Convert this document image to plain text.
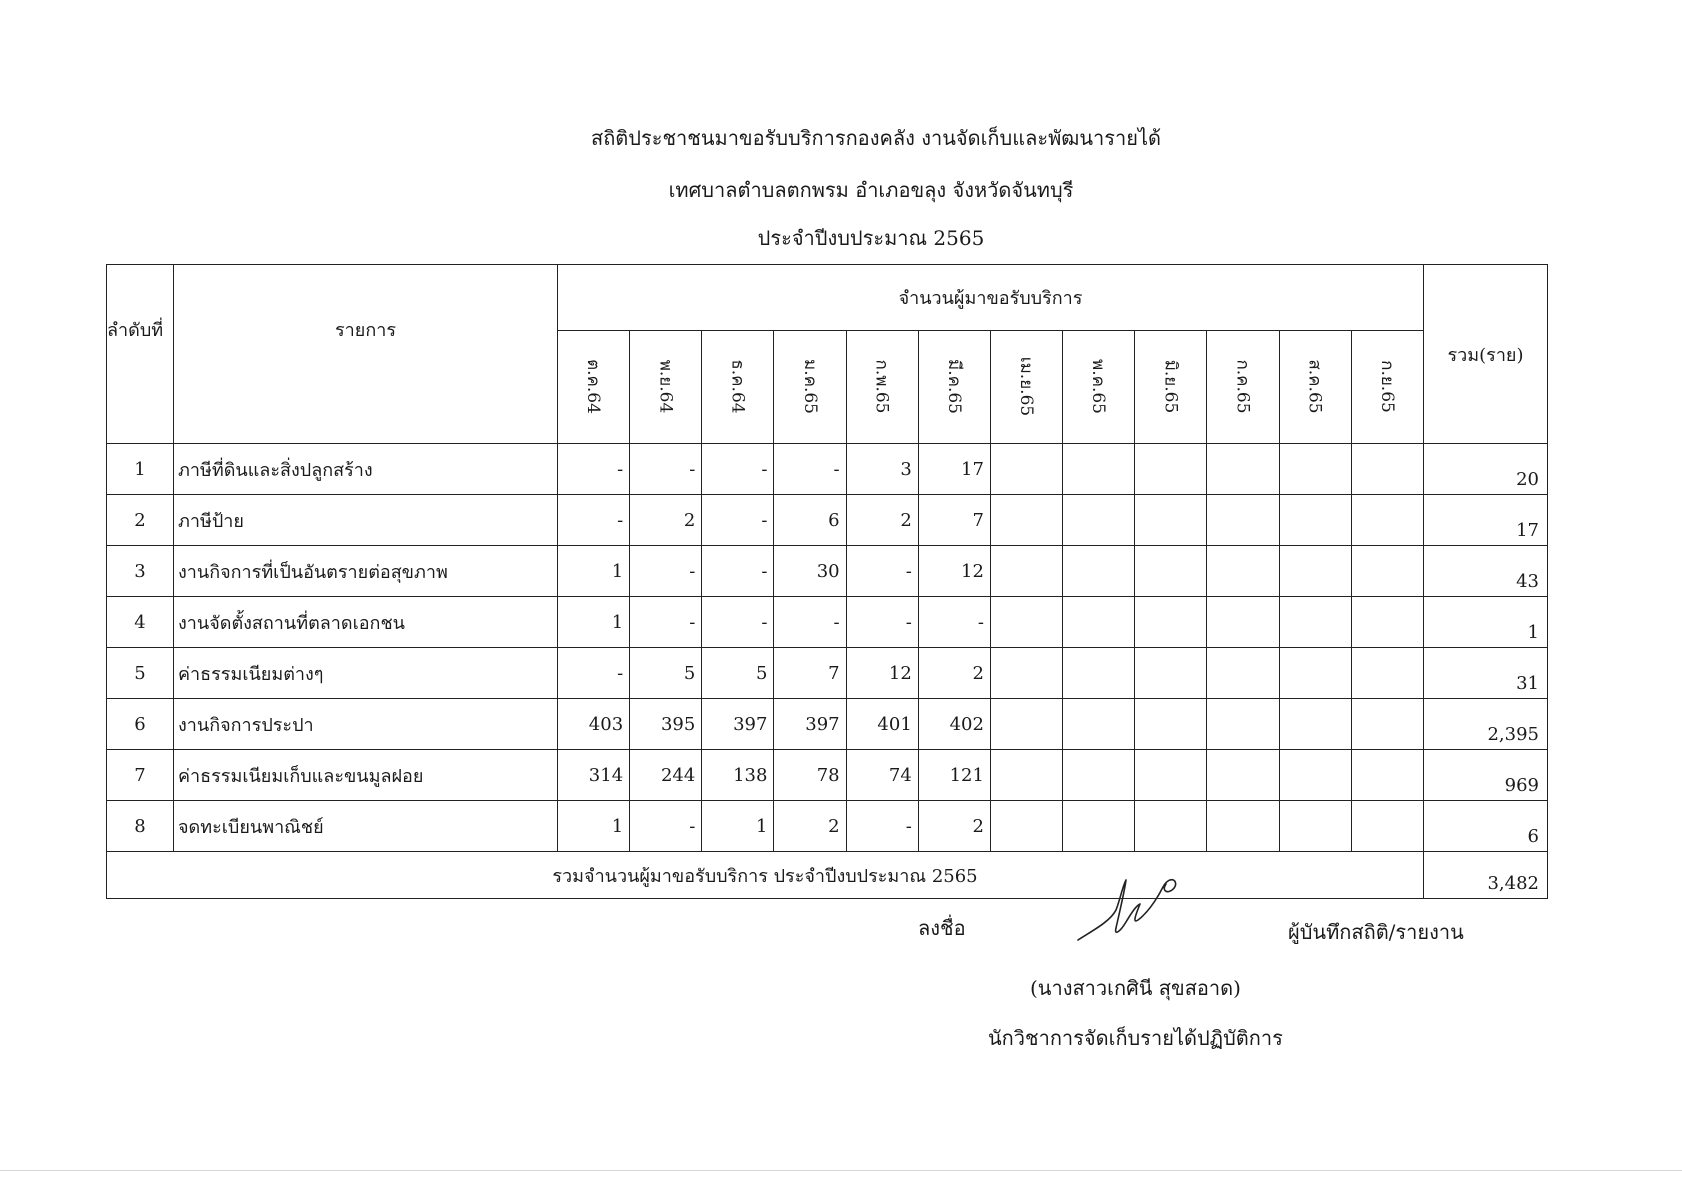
สถิติประชาชนมาขอรับบริการกองคลัง งานจัดเก็บและพัฒนารายได้
เทศบาลตำบลตกพรม อำเภอขลุง จังหวัดจันทบุรี
ประจำปีงบประมาณ 2565
ลำดับที่	รายการ	จำนวนผู้มาขอรับบริการ												รวม(ราย)
		ต.ค.64	พ.ย.64	ธ.ค.64	ม.ค.65	ก.พ.65	มี.ค.65	เม.ย.65	พ.ค.65	มิ.ย.65	ก.ค.65	ส.ค.65	ก.ย.65	
1	ภาษีที่ดินและสิ่งปลูกสร้าง	-	-	-	-	3	17							20
2	ภาษีป้าย	-	2	-	6	2	7							17
3	งานกิจการที่เป็นอันตรายต่อสุขภาพ	1	-	-	30	-	12							43
4	งานจัดตั้งสถานที่ตลาดเอกชน	1	-	-	-	-	-							1
5	ค่าธรรมเนียมต่างๆ	-	5	5	7	12	2							31
6	งานกิจการประปา	403	395	397	397	401	402							2,395
7	ค่าธรรมเนียมเก็บและขนมูลฝอย	314	244	138	78	74	121							969
8	จดทะเบียนพาณิชย์	1	-	1	2	-	2							6
รวมจำนวนผู้มาขอรับบริการ ประจำปีงบประมาณ 2565														3,482
ลงชื่อ	ผู้บันทึกสถิติ/รายงาน
(นางสาวเกศินี สุขสอาด)
นักวิชาการจัดเก็บรายได้ปฏิบัติการ
